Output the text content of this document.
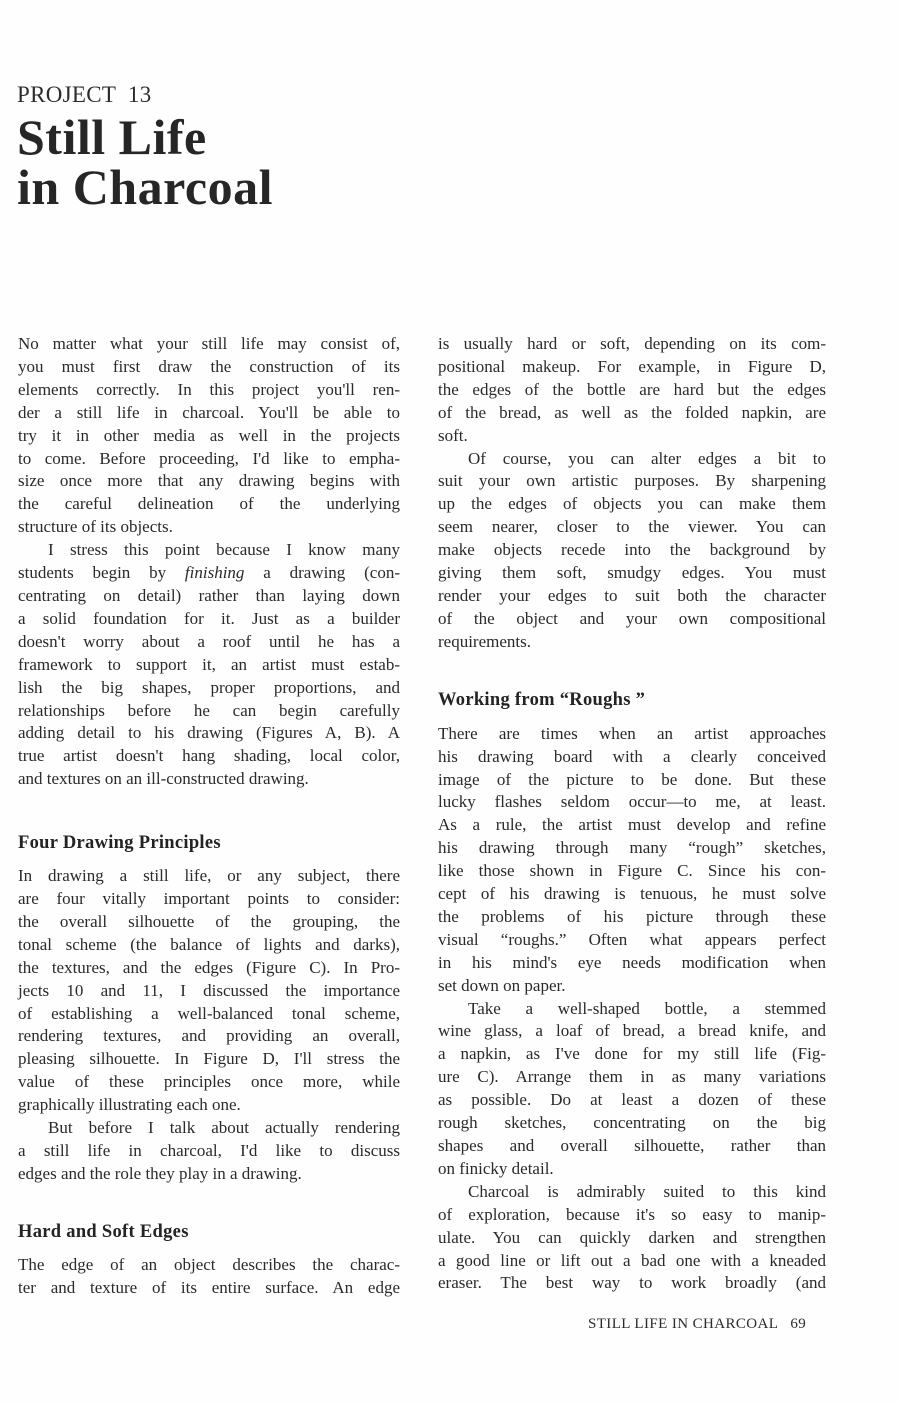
PROJECT  13
Still Life
in Charcoal

No matter what your still life may consist of,
you must first draw the construction of its
elements correctly. In this project you'll ren-
der a still life in charcoal. You'll be able to
try it in other media as well in the projects
to come. Before proceeding, I'd like to empha-
size once more that any drawing begins with
the careful delineation of the underlying
structure of its objects.

I stress this point because I know many
students begin by finishing a drawing (con-
centrating on detail) rather than laying down
a solid foundation for it. Just as a builder
doesn't worry about a roof until he has a
framework to support it, an artist must estab-
lish the big shapes, proper proportions, and
relationships before he can begin carefully
adding detail to his drawing (Figures A, B). A
true artist doesn't hang shading, local color,
and textures on an ill-constructed drawing.

Four Drawing Principles

In drawing a still life, or any subject, there
are four vitally important points to consider:
the overall silhouette of the grouping, the
tonal scheme (the balance of lights and darks),
the textures, and the edges (Figure C). In Pro-
jects 10 and 11, I discussed the importance
of establishing a well-balanced tonal scheme,
rendering textures, and providing an overall,
pleasing silhouette. In Figure D, I'll stress the
value of these principles once more, while
graphically illustrating each one.

But before I talk about actually rendering
a still life in charcoal, I'd like to discuss
edges and the role they play in a drawing.

Hard and Soft Edges

The edge of an object describes the charac-
ter and texture of its entire surface. An edge

is usually hard or soft, depending on its com-
positional makeup. For example, in Figure D,
the edges of the bottle are hard but the edges
of the bread, as well as the folded napkin, are
soft.

Of course, you can alter edges a bit to
suit your own artistic purposes. By sharpening
up the edges of objects you can make them
seem nearer, closer to the viewer. You can
make objects recede into the background by
giving them soft, smudgy edges. You must
render your edges to suit both the character
of the object and your own compositional
requirements.

Working from “Roughs ”

There are times when an artist approaches
his drawing board with a clearly conceived
image of the picture to be done. But these
lucky flashes seldom occur—to me, at least.
As a rule, the artist must develop and refine
his drawing through many “rough” sketches,
like those shown in Figure C. Since his con-
cept of his drawing is tenuous, he must solve
the problems of his picture through these
visual “roughs.” Often what appears perfect
in his mind's eye needs modification when
set down on paper.

Take a well-shaped bottle, a stemmed
wine glass, a loaf of bread, a bread knife, and
a napkin, as I've done for my still life (Fig-
ure C). Arrange them in as many variations
as possible. Do at least a dozen of these
rough sketches, concentrating on the big
shapes and overall silhouette, rather than
on finicky detail.

Charcoal is admirably suited to this kind
of exploration, because it's so easy to manip-
ulate. You can quickly darken and strengthen
a good line or lift out a bad one with a kneaded
eraser. The best way to work broadly (and

STILL LIFE IN CHARCOAL 69
